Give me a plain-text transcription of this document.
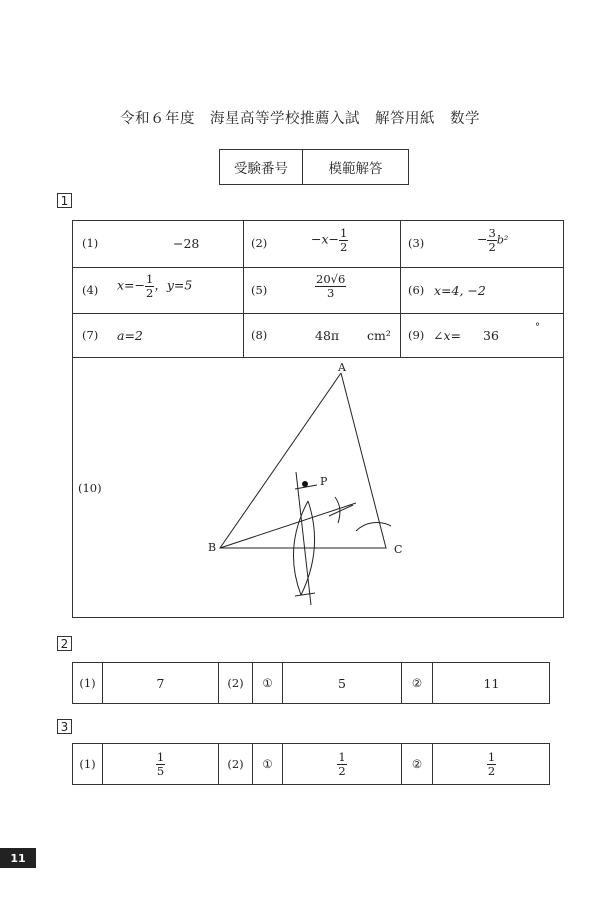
令和６年度　海星高等学校推薦入試　解答用紙　数学
受験番号	模範解答
1
(1)	−28	(2)	$-x- \frac{1}{2}$	(3)	− $\frac{3}{2} b^2$
(4) $x=- \frac{1}{2}$ ，y=5	(5)	$\frac{20√6}{3}$	(6) x=4, −2
(7) a=2	(8)	48π cm² (9) ∠x= 36
°
(10)
A
B	C
P
2
(1)	7	(2)	①	5	②	11
3
(1)	$\frac{1}{5}$	(2)	①	$\frac{1}{2}$	②	$\frac{1}{2}$
11
